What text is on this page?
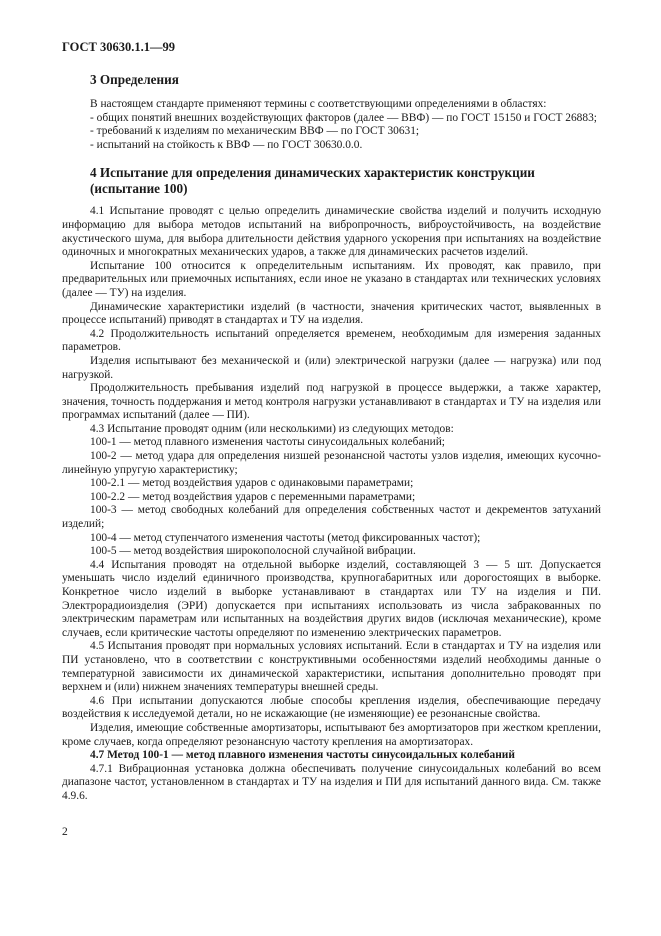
ГОСТ 30630.1.1—99
3 Определения

В настоящем стандарте применяют термины с соответствующими определениями в областях:

- общих понятий внешних воздействующих факторов (далее — ВВФ) — по ГОСТ 15150 и ГОСТ 26883;

- требований к изделиям по механическим ВВФ — по ГОСТ 30631;

- испытаний на стойкость к ВВФ — по ГОСТ 30630.0.0.

4 Испытание для определения динамических характеристик конструкции (испытание 100)

4.1 Испытание проводят с целью определить динамические свойства изделий и получить исходную информацию для выбора методов испытаний на вибропрочность, виброустойчивость, на воздействие акустического шума, для выбора длительности действия ударного ускорения при испытаниях на воздействие одиночных и многократных механических ударов, а также для динамических расчетов изделий.

Испытание 100 относится к определительным испытаниям. Их проводят, как правило, при предварительных или приемочных испытаниях, если иное не указано в стандартах или технических условиях (далее — ТУ) на изделия.

Динамические характеристики изделий (в частности, значения критических частот, выявленных в процессе испытаний) приводят в стандартах и ТУ на изделия.

4.2 Продолжительность испытаний определяется временем, необходимым для измерения заданных параметров.

Изделия испытывают без механической и (или) электрической нагрузки (далее — нагрузка) или под нагрузкой.

Продолжительность пребывания изделий под нагрузкой в процессе выдержки, а также характер, значения, точность поддержания и метод контроля нагрузки устанавливают в стандартах и ТУ на изделия или программах испытаний (далее — ПИ).

4.3 Испытание проводят одним (или несколькими) из следующих методов:

100-1 — метод плавного изменения частоты синусоидальных колебаний;

100-2 — метод удара для определения низшей резонансной частоты узлов изделия, имеющих кусочно-линейную упругую характеристику;

100-2.1 — метод воздействия ударов с одинаковыми параметрами;

100-2.2 — метод воздействия ударов с переменными параметрами;

100-3 — метод свободных колебаний для определения собственных частот и декрементов затуханий изделий;

100-4 — метод ступенчатого изменения частоты (метод фиксированных частот);

100-5 — метод воздействия широкополосной случайной вибрации.

4.4 Испытания проводят на отдельной выборке изделий, составляющей 3 — 5 шт. Допускается уменьшать число изделий единичного производства, крупногабаритных или дорогостоящих в выборке. Конкретное число изделий в выборке устанавливают в стандартах или ТУ на изделия и ПИ. Электрорадиоизделия (ЭРИ) допускается при испытаниях использовать из числа забракованных по электрическим параметрам или испытанных на воздействия других видов (исключая механические), кроме случаев, если критические частоты определяют по изменению электрических параметров.

4.5 Испытания проводят при нормальных условиях испытаний. Если в стандартах и ТУ на изделия или ПИ установлено, что в соответствии с конструктивными особенностями изделий необходимы данные о температурной зависимости их динамической характеристики, испытания дополнительно проводят при верхнем и (или) нижнем значениях температуры внешней среды.

4.6 При испытании допускаются любые способы крепления изделия, обеспечивающие передачу воздействия к исследуемой детали, но не искажающие (не изменяющие) ее резонансные свойства.

Изделия, имеющие собственные амортизаторы, испытывают без амортизаторов при жестком креплении, кроме случаев, когда определяют резонансную частоту крепления на амортизаторах.

4.7 Метод 100-1 — метод плавного изменения частоты синусоидальных колебаний

4.7.1 Вибрационная установка должна обеспечивать получение синусоидальных колебаний во всем диапазоне частот, установленном в стандартах и ТУ на изделия и ПИ для испытаний данного вида. См. также 4.9.6.

2
